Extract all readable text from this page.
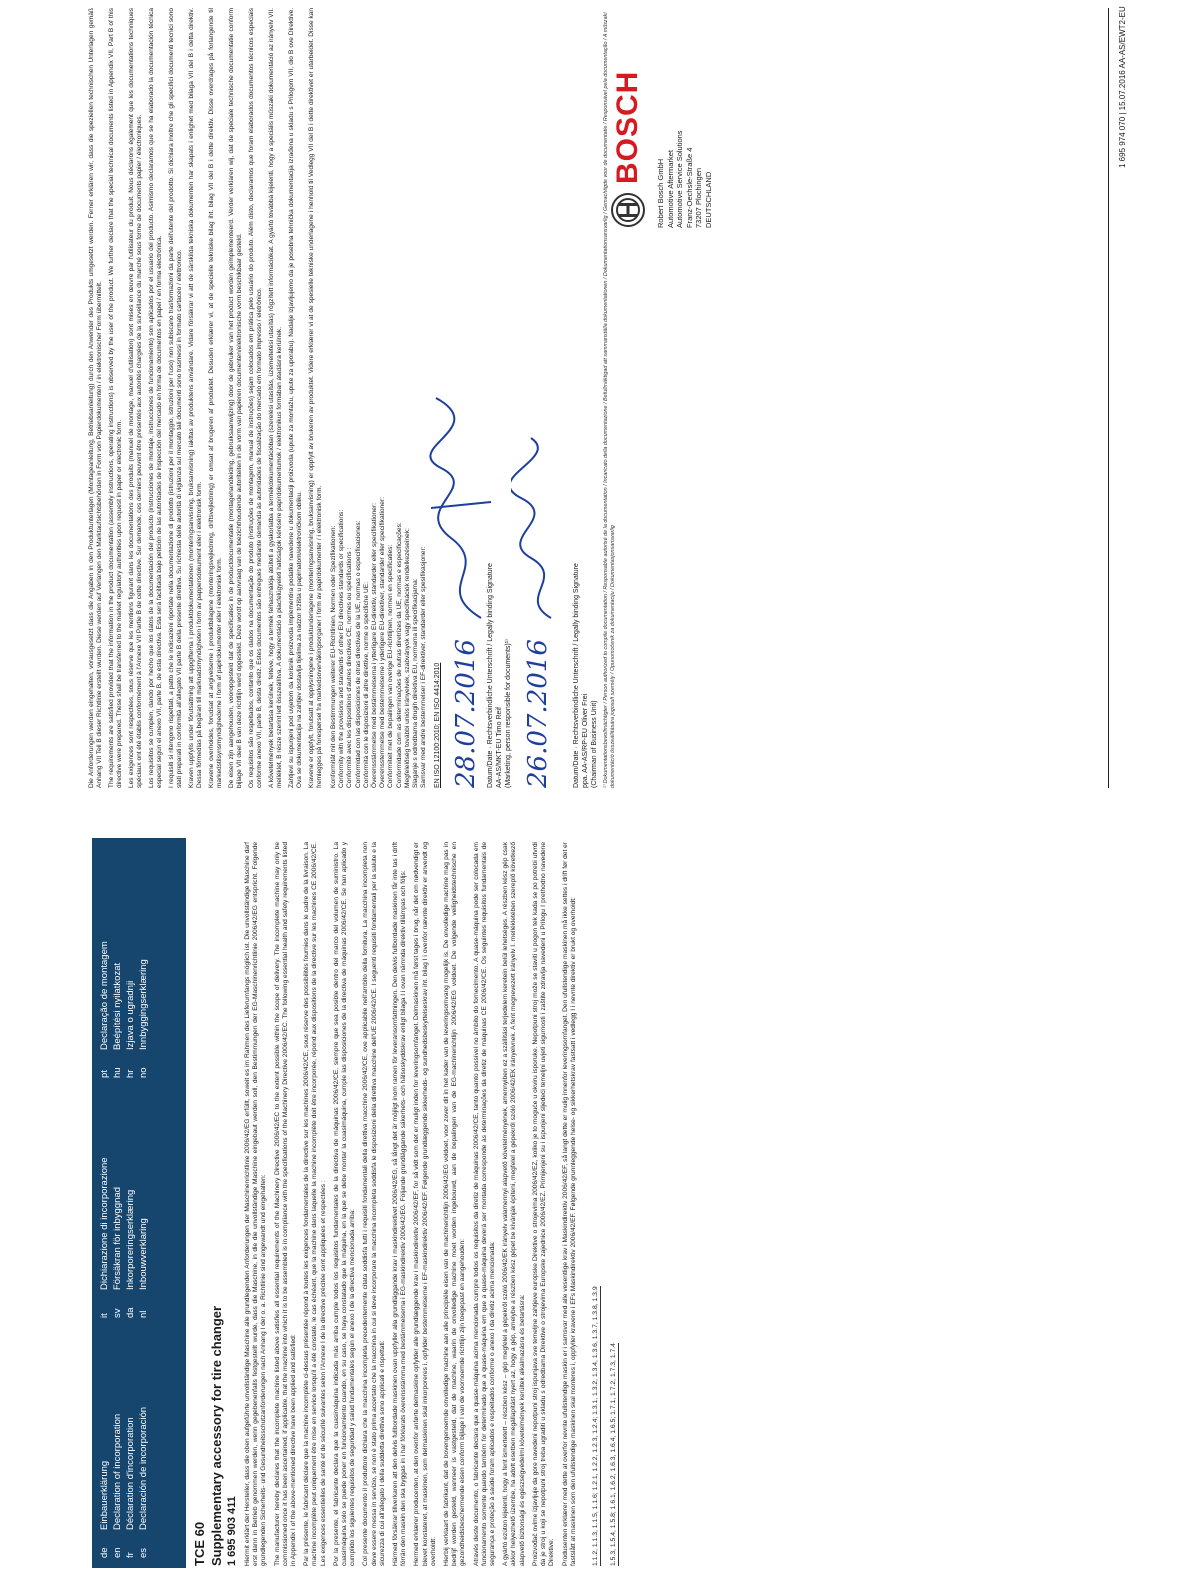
de
Einbauerklärung
en
Declaration of incorporation
fr
Déclaration d'incorporation
es
Declaración de incorporación
it
Dichiarazione di incorporazione
sv
Försäkran för inbyggnad
da
Inkorporeringserklæring
nl
Inbouwverklaring
pt
Declaração de montagem
hu
Beépítési nyilatkozat
hr
Izjava o ugradnji
no
Innbyggingserklæring
TCE 60 Supplementary accessory for tire changer 1 695 903 411 Hiermit erklärt der Hersteller, dass die oben aufgeführte unvollständige Maschine alle grundlegenden Anforderungen der Maschinenrichtlinie 2006/42/EG erfüllt, soweit es im Rahmen des Lieferumfangs möglich ist. Die unvollständige Maschine darf erst dann in Betrieb genommen werden, wenn gegebenenfalls festgestellt wurde, dass die Maschine, in die die unvollständige Maschine eingebaut werden soll, den Bestimmungen der EG-Maschinenrichtlinie 2006/42/EG entspricht. Folgende grundlegenden Sicherheits- und Gesundheitsschutzanforderungen nach Anhang I der o. a. Richtlinie sind angewandt und eingehalten: The manufacturer hereby declares that the incomplete machine listed above satisfies all essential requirements of the Machinery Directive 2006/42/EC to the extent possible within the scope of delivery. The incomplete machine may only be commissioned once it has been ascertained, if applicable, that the machine into which it is to be assembled is in compliance with the specifications of the Machinery Directive 2006/42/EC. The following essential health and safety requirements listed in Appendix I of the above-mentioned directive have been applied and satisfied: Par la présente, le fabricant déclare que la machine incomplète ci-dessus présentée répond à toutes les exigences fondamentales de la directive sur les machines 2006/42/CE, sous réserve des possibilités fournies dans le cadre de la livraison. La machine incomplète peut uniquement être mise en service lorsqu'il a été constaté, le cas échéant, que la machine dans laquelle la machine incomplète doit être incorporée, répond aux dispositions de la directive sur les machines CE 2006/42/CE. Les exigences essentielles de santé et de sécurité suivantes selon l'Annexe I de la directive précitée sont appliquées et respectées : Por la presente, el fabricante declara que la cuasimáquina indicada más arriba cumple todos los requisitos fundamentales de la directiva de máquinas 2006/42/CE, siempre que sea posible dentro del marco del volumen de suministro. La cuasimáquina solo se puede poner en funcionamiento cuando, en su caso, se haya constatado que la máquina, en la que se debe montar la cuasimáquina, cumple las disposiciones de la directiva de máquinas 2006/42/CE. Se han aplicado y cumplido los siguientes requisitos de seguridad y salud fundamentales según el anexo I de la directiva mencionada arriba: Col presente documento il produttore dichiara che la macchina incompleta precedentemente citata soddisfa tutti i requisiti fondamentali della direttiva macchine 2006/42/CE, ove applicabile nell'ambito della fornitura. La macchina incompleta non deve essere messa in servizio, se non è stato prima accertato che la macchina in cui si deve incorporare la macchina incompleta soddisfa le disposizioni della direttiva macchine dell'UE 2006/42/CE. I seguenti requisiti fondamentali per la salute e la sicurezza di cui all'allegato I della suddetta direttiva sono applicati e rispettati: Härmed försäkrar tillverkaren att den delvis fullbordade maskinen ovan uppfyller alla grundläggande krav i maskindirektivet 2006/42/EG, så långt det är möjligt inom ramen för leveransomfattningen. Den delvis fullbordade maskinen får inte tas i drift förrän den maskin den ska byggas in i har förklarats överensstämma med bestämmelserna i EG-maskindirektiv 2006/42/EG. Följande grundläggande säkerhets- och hälsoskyddskrav enligt bilaga I i ovan nämnda direktiv tillämpas och följs: Hermed erklærer producenten, at den ovenfor anførte delmaskine opfylder alle grundlæggende krav i maskindirektiv 2006/42/EF, for så vidt som det er muligt inden for leveringsomfanget. Delmaskinen må først tages i brug, når det om nødvendigt er blevet konstateret, at maskinen, som delmaskinen skal inkorporeres i, opfylder bestemmelserne i EF-maskindirektiv 2006/42/EF. Følgende grundlæggende sikkerheds- og sundhedsbeskyttelseskrav iht. bilag I i ovenfor nævnte direktiv er anvendt og overholdt: Hierbij verklaart de fabrikant, dat de bovengenoemde onvolledige machine aan alle principiële eisen van de machinerichtlijn 2006/42/EG voldoet, voor zover dit in het kader van de leveringsomvang mogelijk is. De onvolledige machine mag pas in bedrijf worden gesteld, wanneer is vastgesteld, dat de machine, waarin de onvolledige machine moet worden ingebouwd, aan de bepalingen van de EG-machinerichtlijn 2006/42/EG voldoet. De volgende veiligheidstechnische en gezondheidsbeschermende eisen conform bijlage I van de voornoemde richtlijn zijn toegepast en aangehouden: Através deste documento, o fabricante declara que a quase-máquina acima mencionada cumpre todos os requisitos da diretiz de máquinas 2006/42/CE, tanto quanto possível no âmbito do fornecimento. A quase-máquina pode ser colocada em funcionamento somente quando também for determinado que a quase-máquina em que a quase-máquina deverá ser montada corresponde às determinações da diretiz de máquinas CE 2006/42/CE. Os seguintes requisitos fundamentais de segurança e proteção à saúde foram aplicados e respeitados conforme o anexo I da diretiz acima mencionada: A gyártó ezúton kijelenti, hogy a fent ismertetett – részben kész – gép megfelel a gépekről szóló 2006/42/EK irányelv valamennyi alapvető követelményének, amennyiben ez a szállítási terjedelem keretein belül lehetséges. A részben kész gép csak akkor helyezhető üzembe, ha adott esetben megállapítást nyert az, hogy a gép, amelybe a részben kész gépet be kívánják építeni, megfelel a gépekről szóló 2006/42/EK irányelvnek. A fent megnevezett irányelv I. mellékletében szereplő következő alapvető biztonsági és egészségvédelmi követelmények kerültek alkalmazásra és betartásra: Proizvođač ovime izjavljuje da gore navedeni nepotpuni stroj ispunjava sve temeljne zahtjeve europske Direktive o strojevima 2006/42/EZ, koliko je to moguće u okviru isporuke. Nepotpuni stroj može se staviti u pogon tek kada se po potrebi utvrdi da je stroj u koji se nepotpuni stroj treba ugraditi u skladu s odredbama Direktive o strojevima Europske zajednice 2006/42/EZ. Primijenjeni su i ispunjeni sljedeći temeljni uvjeti sigurnosti i zaštite zdravlja navedeni u Prilogu I prethodno navedene Direktive: Produsenten erklærer med dette at overfor nevnte ufullstendige maskin er i samsvar med alle vesentlige krav i Maskindirektiv 2006/42/EF, så langt dette er mulig innenfor leveringsomfanget. Den ufullstendige maskinen må ikke settes i drift før det er fastslått at maskinen som den ufullstendige maskinen skal monteres i, oppfyller kravene i EFs Maskindirektiv 2006/42/EF. Følgende grunnleggende helse- og sikkerhetskrav fastsatt i vedlegg I i nevnte direktiv er brukt og overholdt:	1.1.2, 1.1.3, 1.1.5, 1.1.6; 1.2.1, 1.2.2, 1.2.3, 1.2.4; 1.3.1, 1.3.2, 1.3.4, 1.3.6, 1.3.7, 1.3.8, 1.3.9 1.5.3, 1.5.4, 1.5.8; 1.6.1, 1.6.2, 1.6.3, 1.6.4, 1.6.5; 1.7.1, 1.7.2, 1.7.3, 1.7.4

Die Anforderungen werden eingehalten, vorausgesetzt dass die Angaben in den Produktunterlagen (Montageanleitung, Betriebsanleitung) durch den Anwender des Produkts umgesetzt werden. Ferner erklären wir, dass die speziellen technischen Unterlagen gemäß Anhang VII Teil B dieser Richtlinie erstellt wurden. Diese werden auf Verlangen den Marktaufsichtsbehörden in Form von Papierdokumenten / in elektronischer Form übermittelt. The requirements are satisfied provided that the information in the product documentation (assembly instructions, operating instructions) is observed by the user of the product. We further declare that the special technical documents listed in Appendix VII, Part B of this directive were prepared. These shall be transferred to the market regulatory authorities upon request in paper or electronic form. Les exigences sont respectées, sous réserve que les mentions figurant dans les documentations des produits (manuel de montage, manuel d'utilisation) sont mises en œuvre par l'utilisateur du produit. Nous déclarons également que les documentations techniques spéciaux ont été établis conformément à l'Annexe VII Partie B de cette directive. Sur demande, ces derniers peuvent être présentés aux autorités chargées de la surveillance du marché sous forme de documents papier / électroniques. Los requisitos se cumplen, dando por hecho que los datos de la documentación del producto (instrucciones de montaje, instrucciones de funcionamiento) son aplicados por el usuario del producto. Asimismo declaramos que se ha elaborado la documentación técnica especial según el anexo VII, parte B, de esta directiva. Esta será facilitada bajo petición de las autoridades de inspección del mercado en forma de documentos en papel / en forma electrónica. I requisiti si ritengono rispettati, a patto che le indicazioni riportate nella documentazione di prodotto (istruzioni per il montaggio, istruzioni per l'uso) non subiscano trasformazioni da parte dell'utente del prodotto. Si dichiara inoltre che gli specifici documenti tecnici sono stati preparati in conformità all'allegato VII parte B della presente direttiva. Su richiesta delle autorità di vigilanza sul mercato tali documenti sono trasmessi in formato cartaceo / elettronico. Kraven uppfylls under förutsättning att uppgifterna i produktdokumentationen (monteringsanvisning, bruksanvisning) iakttas av produktens användare. Vidare försäkrar vi att de särskilda tekniska dokumenten har skapats i enlighet med bilaga VII del B i detta direktiv. Dessa förmedlas på begäran till marknadsmyndigheten i form av pappersdokument eller i elektronisk form. Kravene overholdes, forudsat at angivelserne i produktbilagene (monteringsvejledning, driftsvejledning) er omsat af brugeren af produktet. Desuden erklærer vi, at de specielle tekniske bilag iht. bilag VII del B i dette direktiv. Disse overdrages på forlangende til markedstilsynsmyndighederne i form af papirdokumenter eller i elektronisk form. De eisen zijn aangehouden, vooropgesteld dat de specificaties in de productdocumentatie (montagehandleiding, gebruiksaanwijzing) door de gebruiker van het product worden geïmplementeerd. Verder verklaren wij, dat de speciale technische documentatie conform bijlage VII deel B van deze richtlijn werd opgesteld. Deze wordt op aanvraag van de toezichthoudende autoriteiten in de vorm van papieren documenten/elektronische vorm beschikbaar gesteld. Os requisitos são respeitados, contanto que os dados na documentação do produto (instruções de montagem, manual de instruções) sejam colocados em prática pelo usuário do produto. Além disto, declaramos que foram elaborados documentos técnicos especiais conforme anexo VII, parte B, desta diretiz. Estes documentos são entregues mediante demanda às autoridades de fiscalização do mercado em formato impresso / eletrônico. A követelmények betartása kerülnek, feltéve, hogy a termék felhasználója átülteti a gyakorlatba a termékdokumentációban (szerelési utasítás, üzemeltetési utasítás) rögzített információkat. A gyártó továbbá kijelenti, hogy a speciális műszaki dokumentáció az irányelv VII. melléklet, B része szerint lett összeállítva. A dokumentáció a piacfelügyeleti hatóságok kérésére papírdokumentumok / elektronikus formában átadásra kerülnek. Zahtjevi su ispunjeni pod uvjetom da korisnik proizvoda implementira podatke navedene u dokumentaciji proizvoda (upute za montažu, upute za uporabu). Nadalje izjavljujemo da je posebna tehnička dokumentacija izrađena u skladu s Prilogom VII, dio B ove Direktive. Ova se dokumentacija na zahtjev dostavlja tijelima za nadzor tržišta u papirnatom/elektroničkom obliku. Kravene er oppfylt, forutsatt at opplysningene i produktunderlagene (monteringsanvisning, bruksanvisning) er oppfylt av brukeren av produktet. Videre erklærer vi at de spesielle tekniske underlagene i henhold til Vedlegg VII del B i dette direktivet er utarbeidet. Disse kan fremlegges på forespørsel fra markedsovervåkingsorganer i form av papirdokumenter / i elektronisk form. Konformität mit den Bestimmungen weiterer EU-Richtlinien, Normen oder Spezifikationen: Conformity with the provisions and standards of other EU directives standards or specifications: Conformité avec les dispositions d'autres directives CE, normes ou spécifications : Conformidad con las disposiciones de otras directivas de la UE, normas o especificaciones: Conformità con le disposizioni di altre direttive, norme o specifiche UE: Överensstämmelse med bestämmelserna i ytterligare EU-direktiv, standarder eller specifikationer: Overensstemmelse med bestemmelserne i yderligere EU-direktiver, standarder eller specifikationer: Conformiteit met de bepalingen van overige EU-richtlijnen, normen en specificaties: Conformidade com as determinações de outras diretrizes da UE, normas e especificações: Megfelelőség további uniós irányelvek, szabványok vagy specifikációk rendelkezéseinek: Slaganje s odredbama drugih direktiva EU, normama ili specifikacijama: Samsvar med andre bestemmelser i EF-direktiver, standarder eller spesifikasjoner: EN ISO 12100:2010; EN ISO 4414:2010 28.07.2016 Datum/Date · Rechtsverbindliche Unterschrift / Legally binding Signature AA-AS/MKT-EU Timo Reif (Marketing, person responsible for documents)¹⁾ 26.07.2016	Datum/Date · Rechtsverbindliche Unterschrift / Legally binding Signature ppa. AA-AS/RP-EU Oliver Frei (Chairman of Business Unit) ¹⁾ Dokumentationsbevollmächtigter / Person authorized to compile documentation / Responsable autorisé de la documentation / Incaricato della documentazione / Befullmäktigad att sammanställa dokumentationen / Dokumentationsansvarlig / Gemachtigde voor de documentatie / Responsável pela documentação / A műszaki dokumentáció összeállítására jogosult személy / Opunomoćenik za dokumentaciju / Dokumentasjonsansvarlig
BOSCH
Robert Bosch GmbH Automotive Aftermarket Automotive Service Solutions Franz-Oechsle-Straße 4 73207 Plochingen DEUTSCHLAND
1 695 974 070 | 15.07.2016 AA-AS/EWT2-EU
